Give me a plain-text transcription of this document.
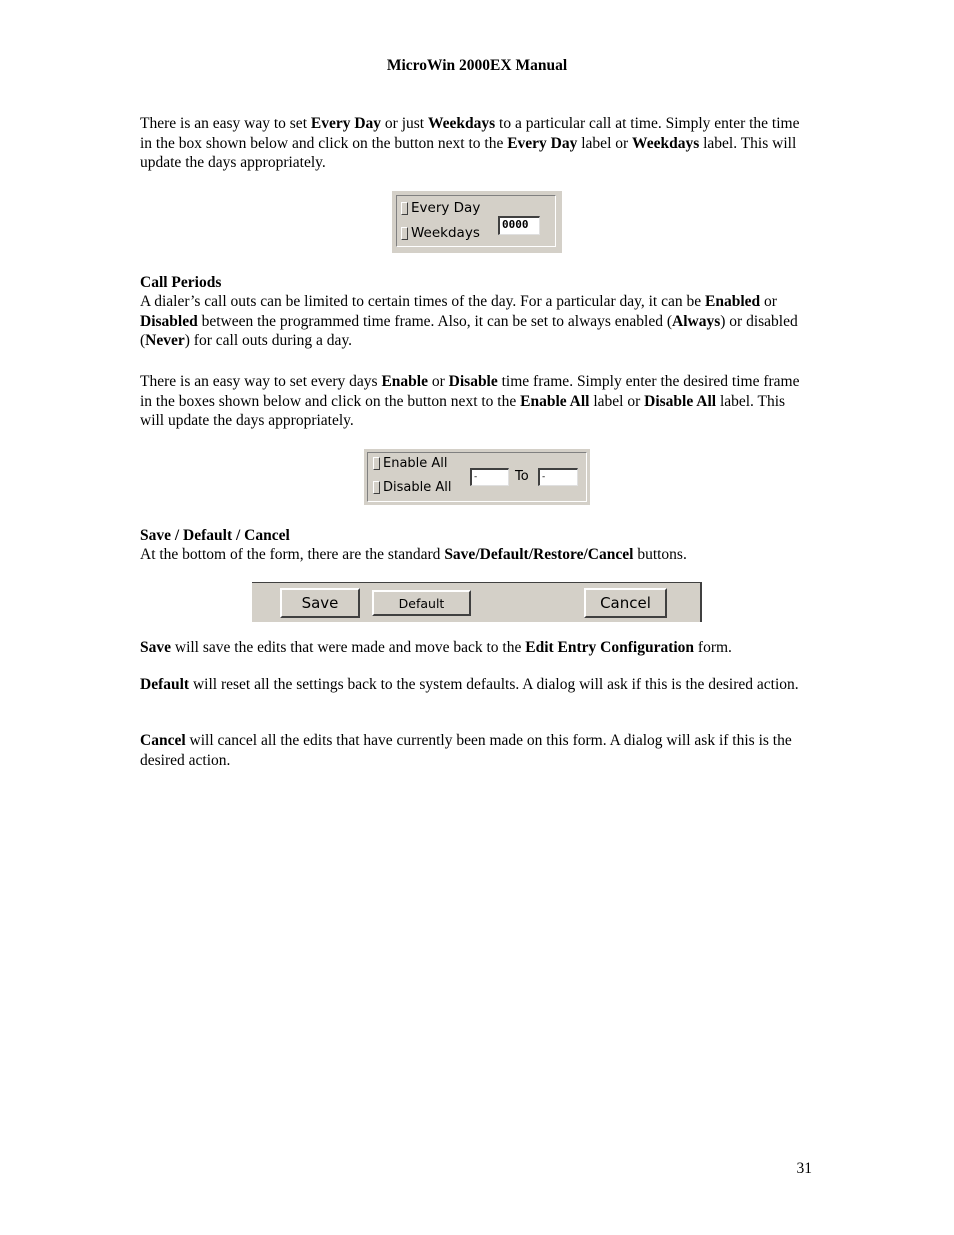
MicroWin 2000EX Manual

There is an easy way to set Every Day or just Weekdays to a particular call at time. Simply enter the time in the box shown below and click on the button next to the Every Day label or Weekdays label. This will update the days appropriately.

Every Day
Weekdays
0000
Call Periods

A dialer’s call outs can be limited to certain times of the day. For a particular day, it can be Enabled or Disabled between the programmed time frame. Also, it can be set to always enabled (Always) or disabled (Never) for call outs during a day.

There is an easy way to set every days Enable or Disable time frame. Simply enter the desired time frame in the boxes shown below and click on the button next to the Enable All label or Disable All label. This will update the days appropriately.

Enable All
Disable All
-	To	-
Save / Default / Cancel

At the bottom of the form, there are the standard Save/Default/Restore/Cancel buttons.

Save	Default	Cancel

Save will save the edits that were made and move back to the Edit Entry Configuration form.

Default will reset all the settings back to the system defaults. A dialog will ask if this is the desired action.

Cancel will cancel all the edits that have currently been made on this form. A dialog will ask if this is the desired action.

31
